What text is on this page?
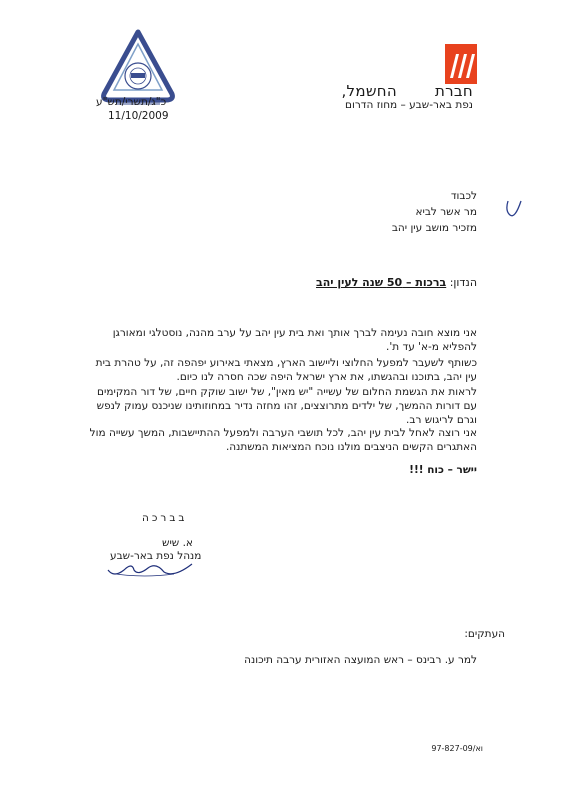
חברתהחשמל,
נפת באר-שבע – מחוז הדרום
כ"ג/תשרי/תש"ע
11/10/2009
לכבוד
מר אשר לביא
מזכיר מושב עין יהב
הנדון: ברכות – 50 שנה לעין יהב
אני מוצא חובה נעימה לברך אותך ואת בית עין יהב על ערב מהנה, נוסטלגי ומאורגן להפליא מ-א' עד ת'.
כשותף לשעבר למפעל החלוצי וליישוב הארץ, מצאתי באירוע יפהפה זה, על טהרת בית עין יהב, בתוכנו ובהגשתו, את ארץ ישראל היפה שכה חסרה לנו כיום.
לראות את הגשמת החלום של עשייה "יש מאין", של ישוב שוקק חיים, של דור המקימים עם דורות ההמשך, של ילדים מתרוצצים, זהו מחזה נדיר במחוזותינו שניכנס עמוק לנפש וגרם לריגוש רב.
אני רוצה לאחל לבית עין יהב, לכל תושבי הערבה ולמפעל ההתיישבות, המשך עשייה מול האתגרים הקשים הניצבים מולנו נוכח המציאות המשתנה.
יישר – כוח !!!
בברכה
א. שיש
מנהל נפת באר-שבע
העתקים:
למר ע. רבינס – ראש המועצה האזורית ערבה תיכונה
וא/97-827-09
